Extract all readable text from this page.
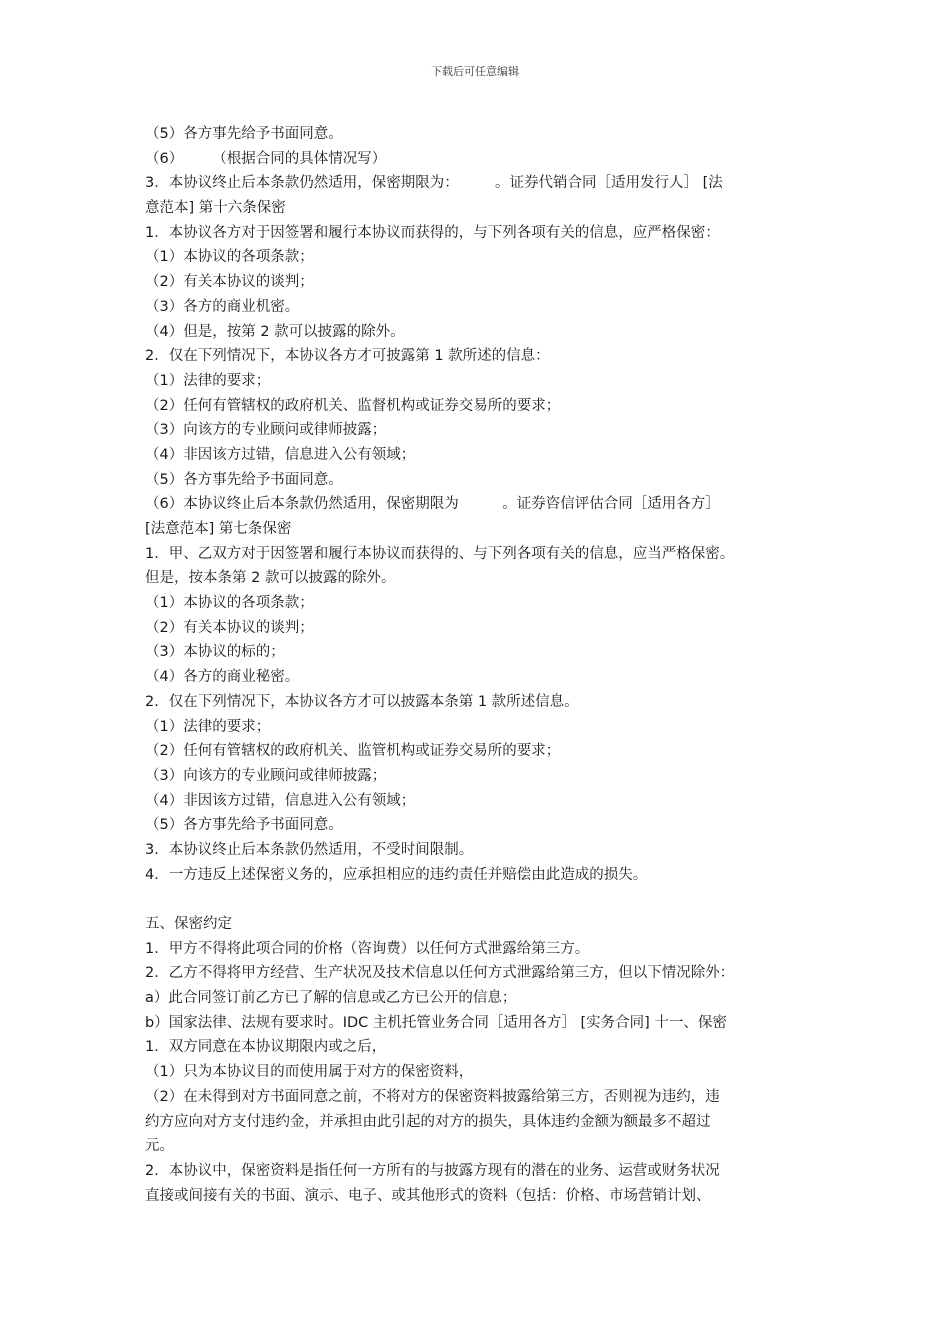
下载后可任意编辑
（5）各方事先给予书面同意。
（6）　　　（根据合同的具体情况写）
3．本协议终止后本条款仍然适用，保密期限为：　　　。证券代销合同［适用发行人］ [法
意范本] 第十六条保密
1．本协议各方对于因签署和履行本协议而获得的，与下列各项有关的信息，应严格保密：
（1）本协议的各项条款；
（2）有关本协议的谈判；
（3）各方的商业机密。
（4）但是，按第 2 款可以披露的除外。
2．仅在下列情况下，本协议各方才可披露第 1 款所述的信息：
（1）法律的要求；
（2）任何有管辖权的政府机关、监督机构或证券交易所的要求；
（3）向该方的专业顾问或律师披露；
（4）非因该方过错，信息进入公有领域；
（5）各方事先给予书面同意。
（6）本协议终止后本条款仍然适用，保密期限为　　　。证券咨信评估合同［适用各方］
[法意范本] 第七条保密
1．甲、乙双方对于因签署和履行本协议而获得的、与下列各项有关的信息，应当严格保密。
但是，按本条第 2 款可以披露的除外。
（1）本协议的各项条款；
（2）有关本协议的谈判；
（3）本协议的标的；
（4）各方的商业秘密。
2．仅在下列情况下，本协议各方才可以披露本条第 1 款所述信息。
（1）法律的要求；
（2）任何有管辖权的政府机关、监管机构或证券交易所的要求；
（3）向该方的专业顾问或律师披露；
（4）非因该方过错，信息进入公有领域；
（5）各方事先给予书面同意。
3．本协议终止后本条款仍然适用，不受时间限制。
4．一方违反上述保密义务的，应承担相应的违约责任并赔偿由此造成的损失。
五、保密约定
1．甲方不得将此项合同的价格（咨询费）以任何方式泄露给第三方。
2．乙方不得将甲方经营、生产状况及技术信息以任何方式泄露给第三方，但以下情况除外：
a）此合同签订前乙方已了解的信息或乙方已公开的信息；
b）国家法律、法规有要求时。IDC 主机托管业务合同［适用各方］ [实务合同] 十一、保密
1．双方同意在本协议期限内或之后，
（1）只为本协议目的而使用属于对方的保密资料，
（2）在未得到对方书面同意之前，不将对方的保密资料披露给第三方，否则视为违约，违
约方应向对方支付违约金，并承担由此引起的对方的损失，具体违约金额为额最多不超过
元。
2．本协议中，保密资料是指任何一方所有的与披露方现有的潜在的业务、运营或财务状况
直接或间接有关的书面、演示、电子、或其他形式的资料（包括：价格、市场营销计划、
